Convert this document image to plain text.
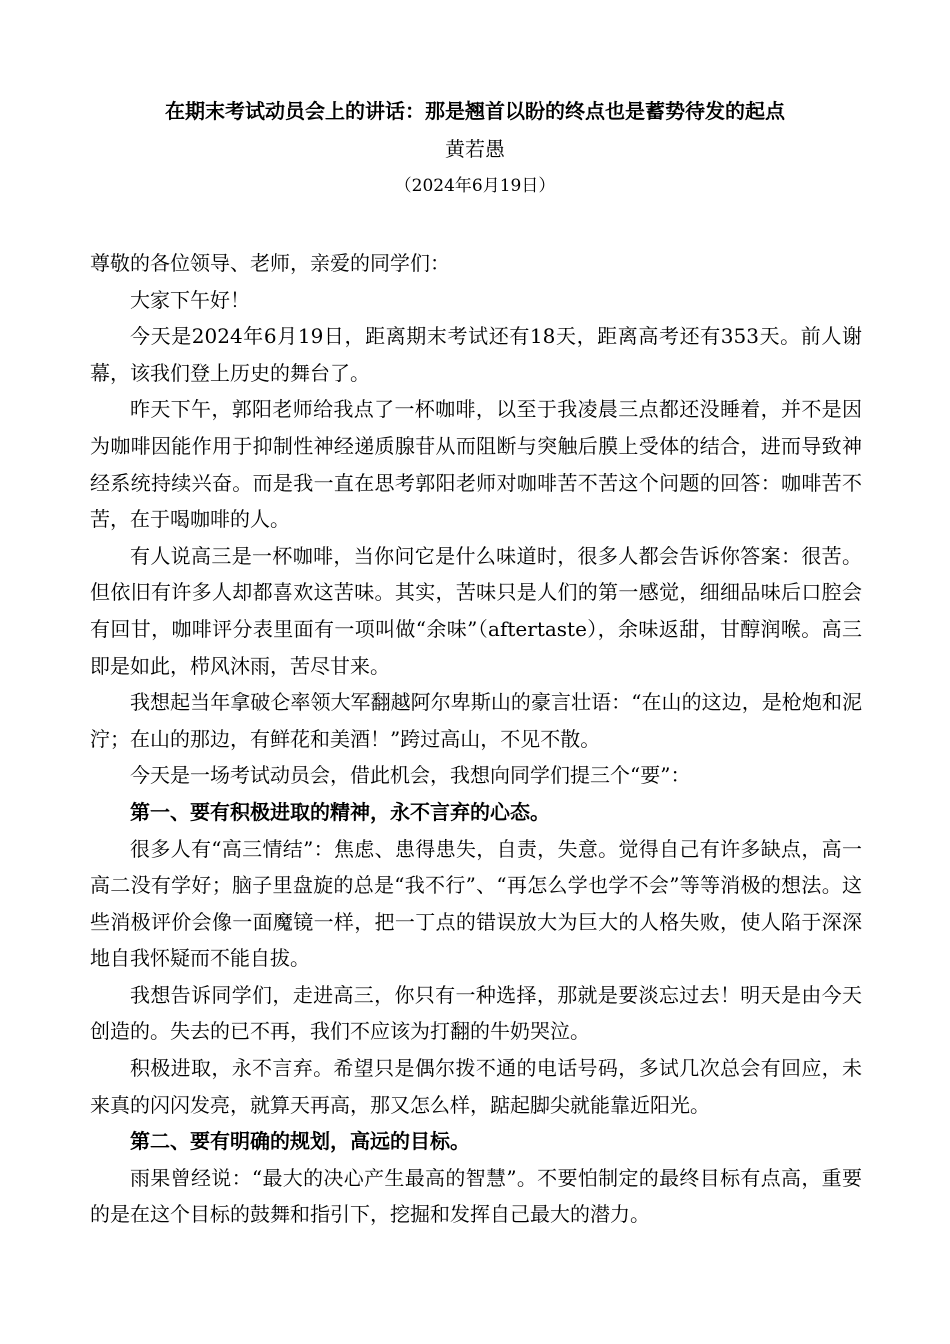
在期末考试动员会上的讲话：那是翘首以盼的终点也是蓄势待发的起点
黄若愚
（2024年6月19日）

尊敬的各位领导、老师，亲爱的同学们：

大家下午好！

今天是2024年6月19日，距离期末考试还有18天，距离高考还有353天。前人谢幕，该我们登上历史的舞台了。

昨天下午，郭阳老师给我点了一杯咖啡，以至于我凌晨三点都还没睡着，并不是因为咖啡因能作用于抑制性神经递质腺苷从而阻断与突触后膜上受体的结合，进而导致神经系统持续兴奋。而是我一直在思考郭阳老师对咖啡苦不苦这个问题的回答：咖啡苦不苦，在于喝咖啡的人。

有人说高三是一杯咖啡，当你问它是什么味道时，很多人都会告诉你答案：很苦。但依旧有许多人却都喜欢这苦味。其实，苦味只是人们的第一感觉，细细品味后口腔会有回甘，咖啡评分表里面有一项叫做“余味”（aftertaste），余味返甜，甘醇润喉。高三即是如此，栉风沐雨，苦尽甘来。

我想起当年拿破仑率领大军翻越阿尔卑斯山的豪言壮语：“在山的这边，是枪炮和泥泞；在山的那边，有鲜花和美酒！”跨过高山，不见不散。

今天是一场考试动员会，借此机会，我想向同学们提三个“要”：

第一、要有积极进取的精神，永不言弃的心态。

很多人有“高三情结”：焦虑、患得患失，自责，失意。觉得自己有许多缺点，高一高二没有学好；脑子里盘旋的总是“我不行”、“再怎么学也学不会”等等消极的想法。这些消极评价会像一面魔镜一样，把一丁点的错误放大为巨大的人格失败，使人陷于深深地自我怀疑而不能自拔。

我想告诉同学们，走进高三，你只有一种选择，那就是要淡忘过去！明天是由今天创造的。失去的已不再，我们不应该为打翻的牛奶哭泣。

积极进取，永不言弃。希望只是偶尔拨不通的电话号码，多试几次总会有回应，未来真的闪闪发亮，就算天再高，那又怎么样，踮起脚尖就能靠近阳光。

第二、要有明确的规划，高远的目标。

雨果曾经说：“最大的决心产生最高的智慧”。不要怕制定的最终目标有点高，重要的是在这个目标的鼓舞和指引下，挖掘和发挥自己最大的潜力。
